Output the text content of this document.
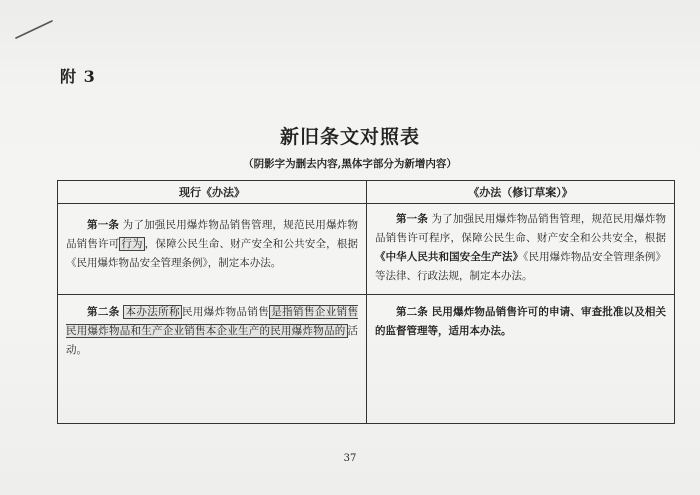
附 3
新旧条文对照表
（阴影字为删去内容,黑体字部分为新增内容）
现行《办法》	《办法（修订草案）》

第一条 为了加强民用爆炸物品销售管理，规范民用爆炸物品销售许可 行为 ，保障公民生命、财产安全和公共安全，根据《民用爆炸物品安全管理条例》，制定本办法。	第一条 为了加强民用爆炸物品销售管理，规范民用爆炸物品销售许可程序，保障公民生命、财产安全和公共安全，根据《中华人民共和国安全生产法》《民用爆炸物品安全管理条例》等法律、行政法规，制定本办法。

第二条 本办法所称 民用爆炸物品销售 是指销售企业销售民用爆炸物品和生产企业销售本企业生产的民用爆炸物品的 活动。	第二条 民用爆炸物品销售许可的申请、审查批准以及相关的监督管理等，适用本办法。
37
